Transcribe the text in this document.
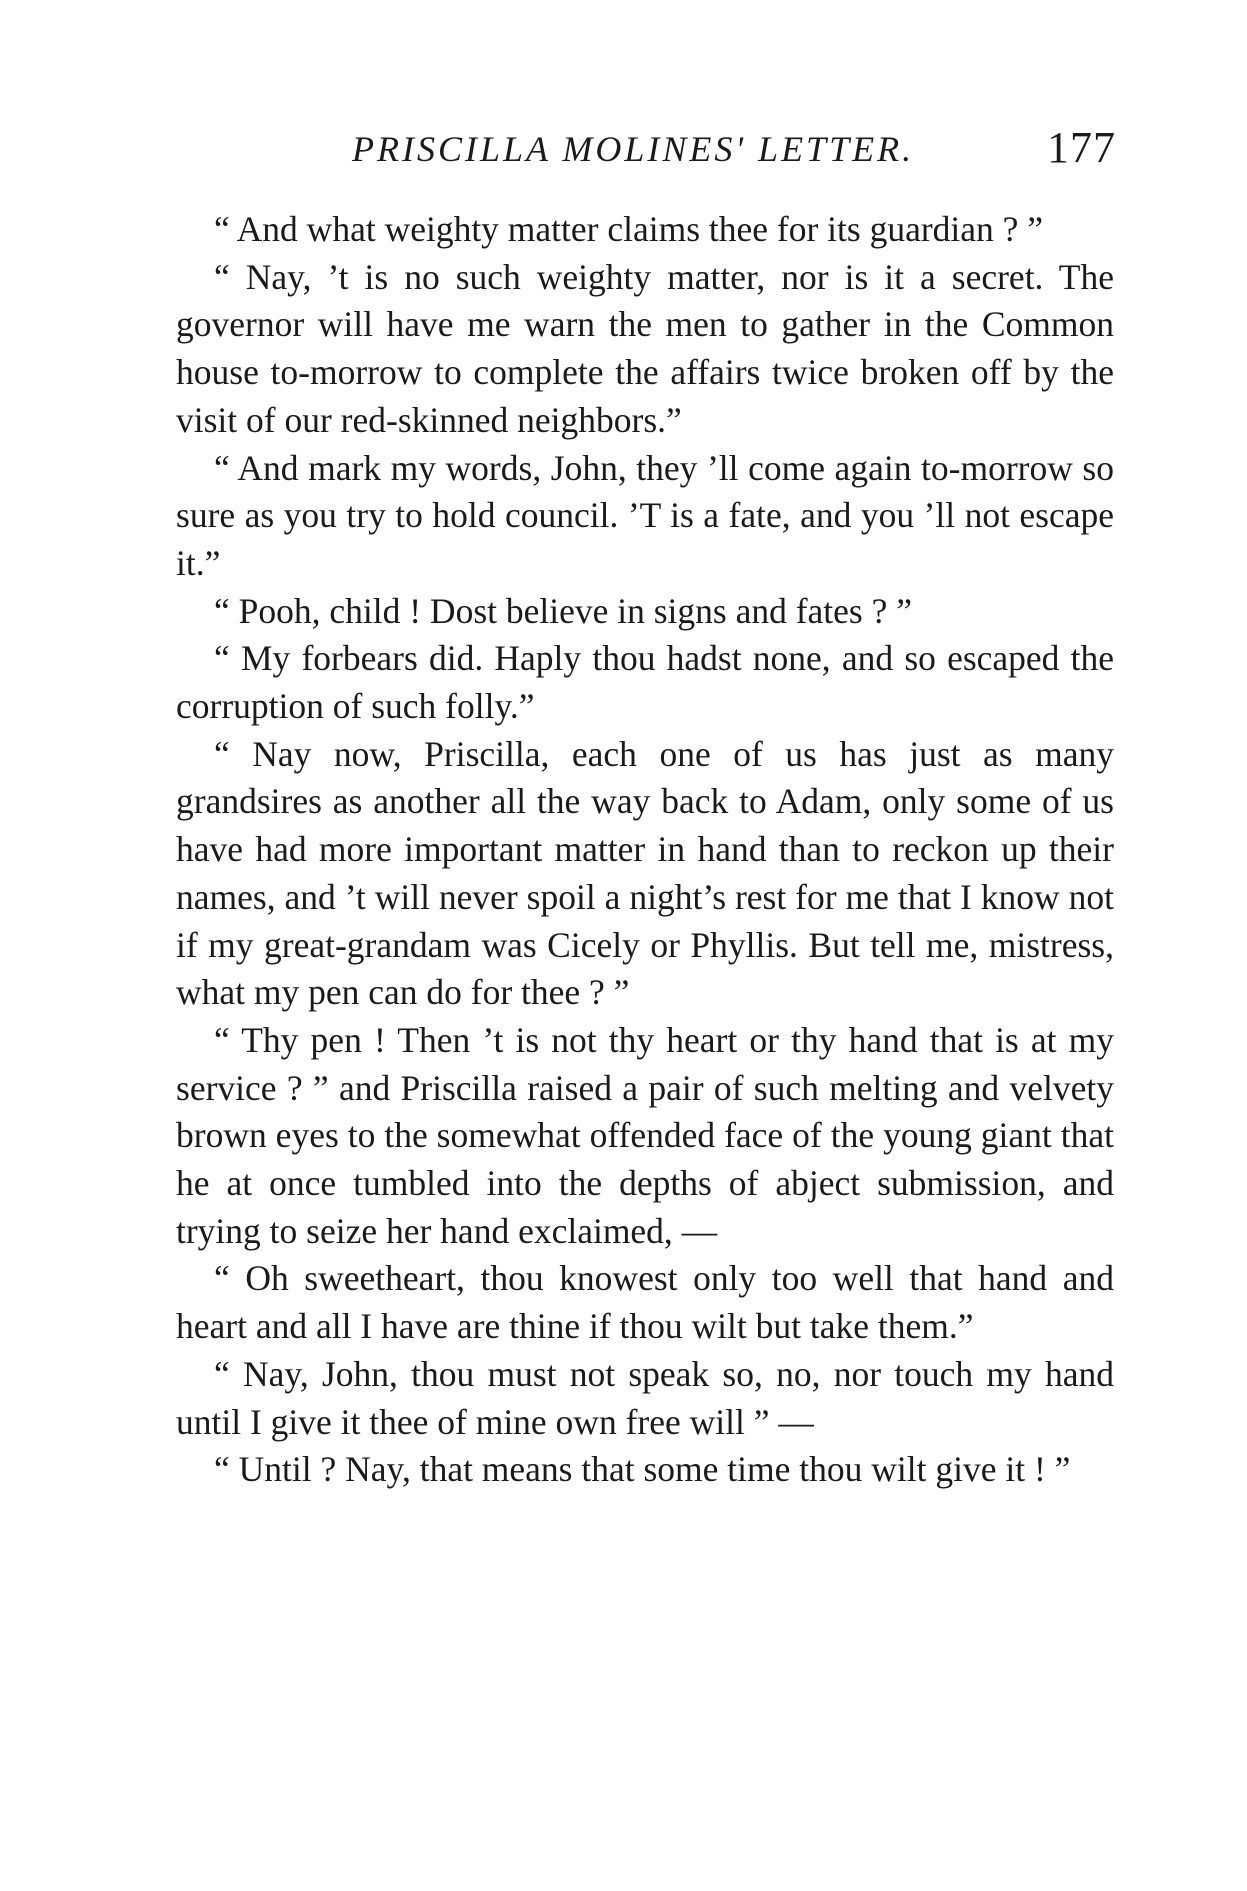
PRISCILLA MOLINES' LETTER.	177

“ And what weighty matter claims thee for its guardian ? ”

“ Nay, ’t is no such weighty matter, nor is it a secret. The governor will have me warn the men to gather in the Common house to-morrow to complete the affairs twice broken off by the visit of our red-skinned neighbors.”

“ And mark my words, John, they ’ll come again to-morrow so sure as you try to hold council. ’T is a fate, and you ’ll not escape it.”

“ Pooh, child ! Dost believe in signs and fates ? ”

“ My forbears did. Haply thou hadst none, and so escaped the corruption of such folly.”

“ Nay now, Priscilla, each one of us has just as many grandsires as another all the way back to Adam, only some of us have had more important matter in hand than to reckon up their names, and ’t will never spoil a night’s rest for me that I know not if my great-grandam was Cicely or Phyllis. But tell me, mistress, what my pen can do for thee ? ”

“ Thy pen ! Then ’t is not thy heart or thy hand that is at my service ? ” and Priscilla raised a pair of such melting and velvety brown eyes to the somewhat offended face of the young giant that he at once tumbled into the depths of abject submission, and trying to seize her hand exclaimed, —

“ Oh sweetheart, thou knowest only too well that hand and heart and all I have are thine if thou wilt but take them.”

“ Nay, John, thou must not speak so, no, nor touch my hand until I give it thee of mine own free will ” —

“ Until ? Nay, that means that some time thou wilt give it ! ”
